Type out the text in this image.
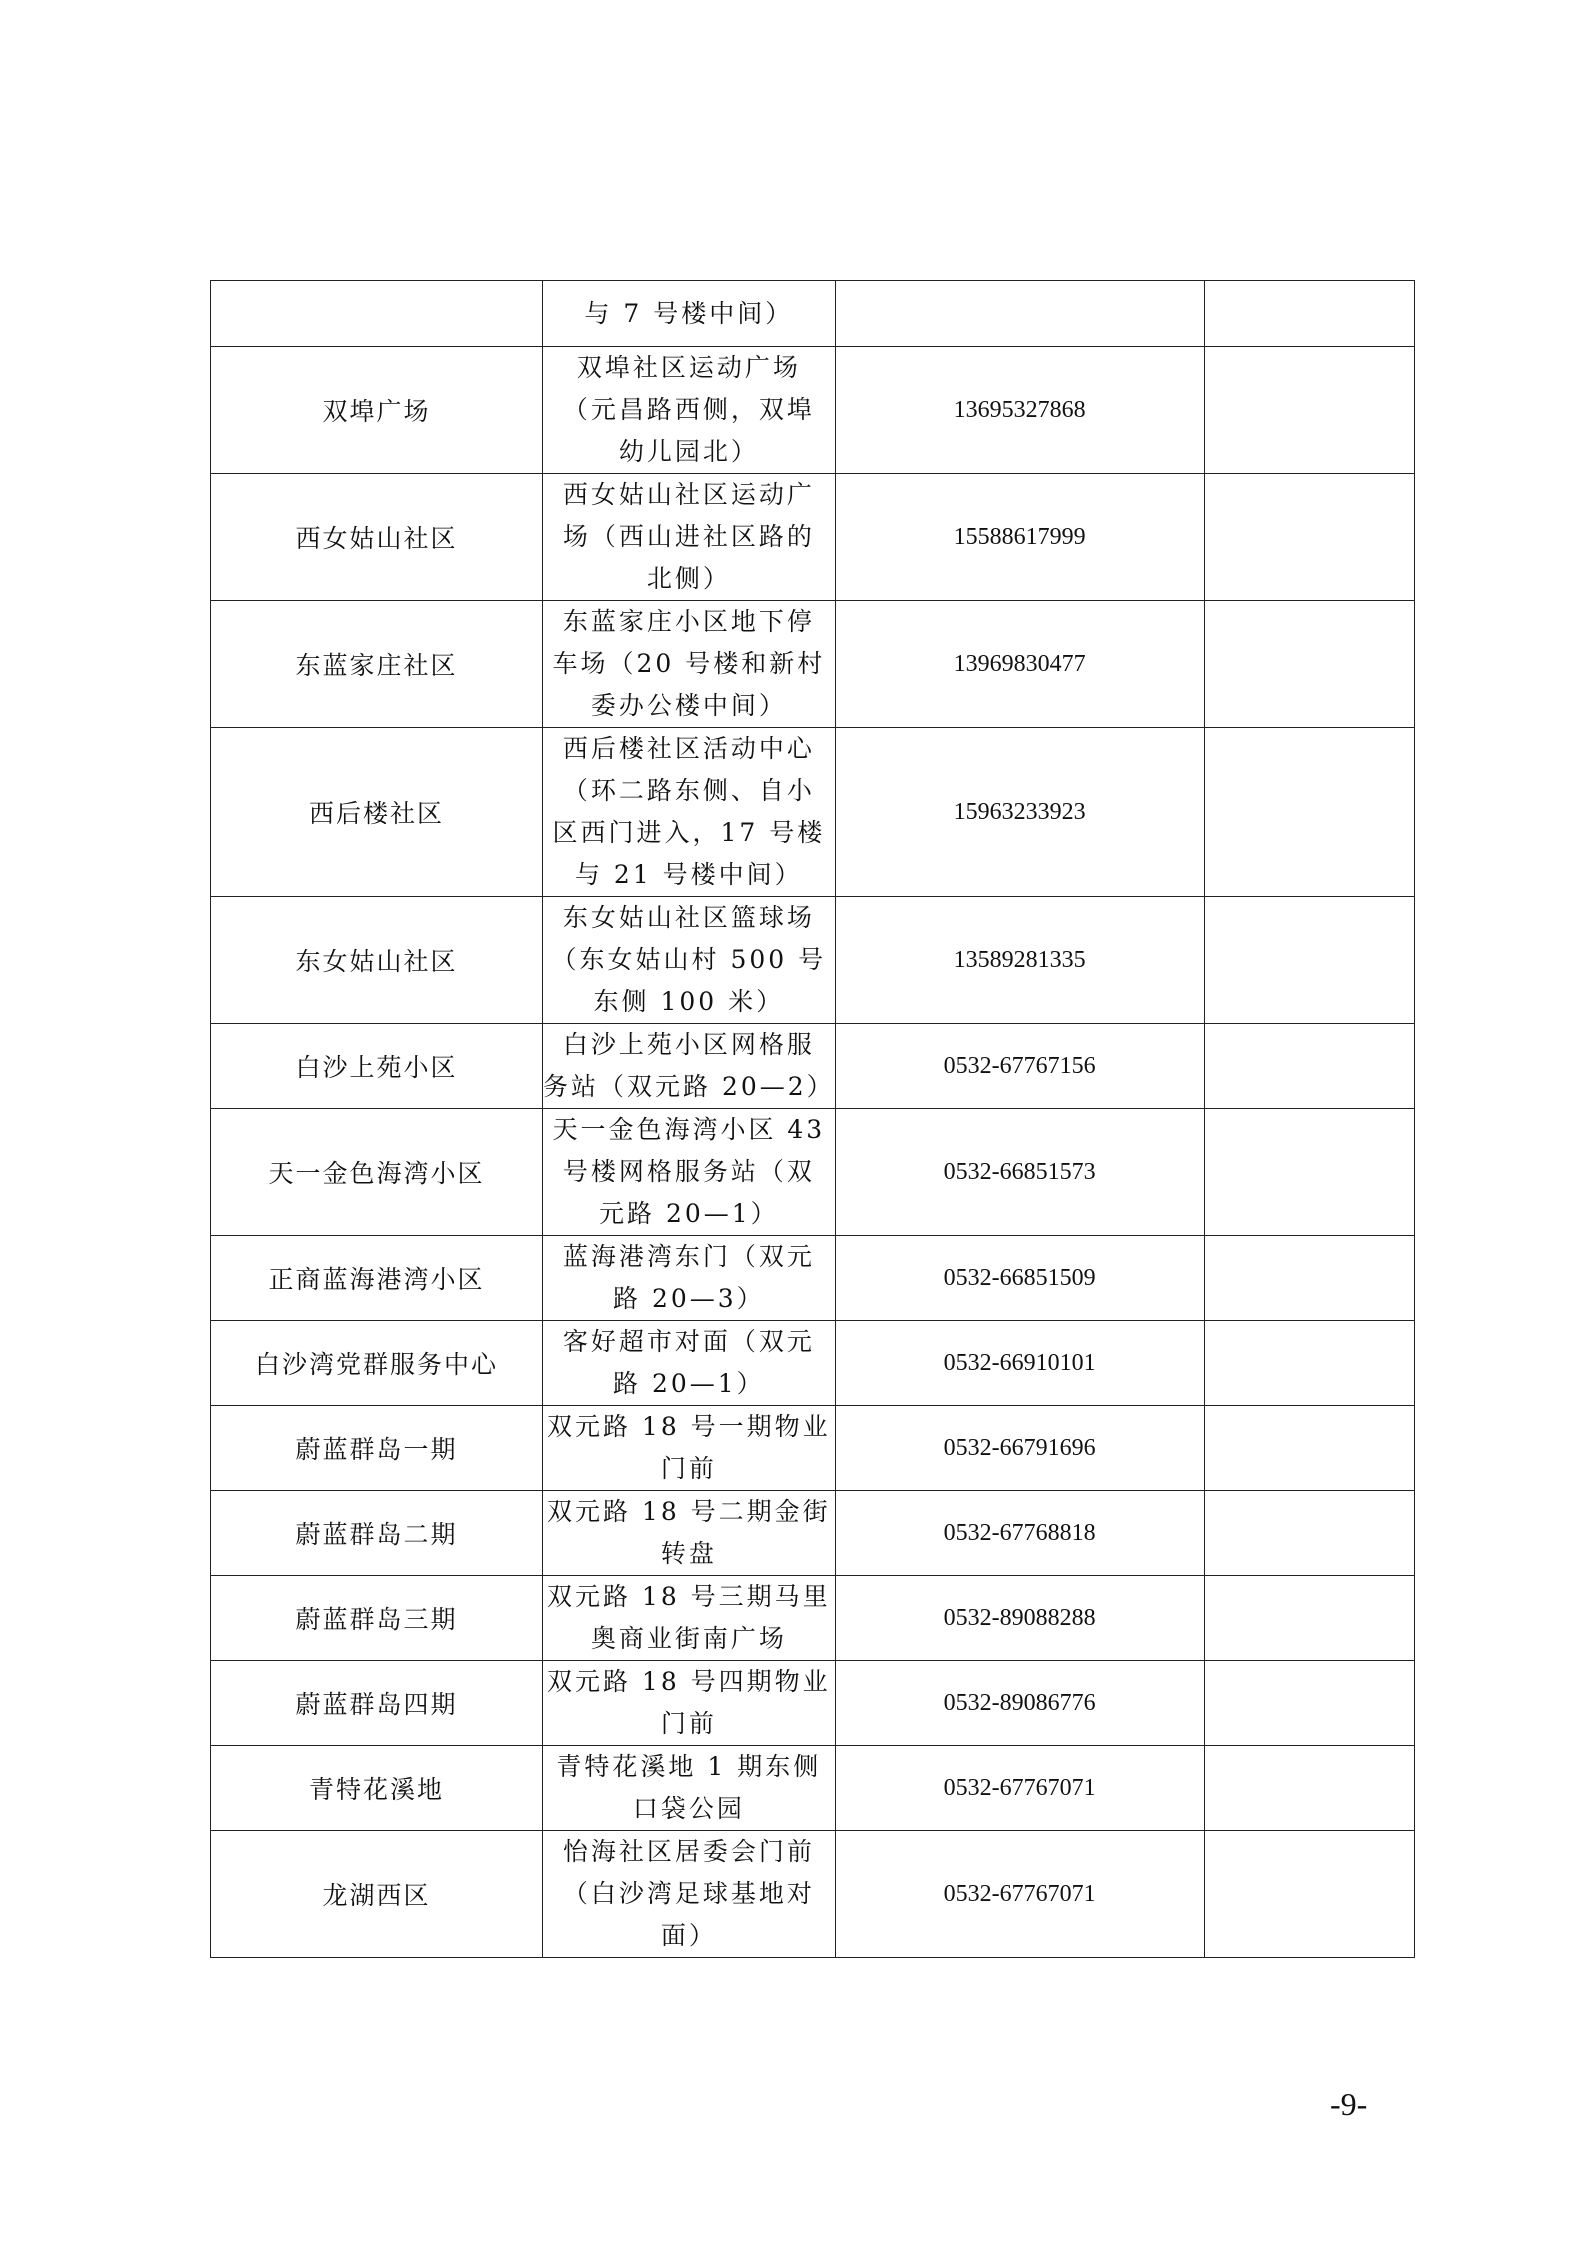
	与 7 号楼中间）		

双埠广场	双埠社区运动广场
（元昌路西侧，双埠
幼儿园北）	13695327868	
西女姑山社区	西女姑山社区运动广
场（西山进社区路的
北侧）	15588617999	
东蓝家庄社区	东蓝家庄小区地下停
车场（20 号楼和新村
委办公楼中间）	13969830477	
西后楼社区	西后楼社区活动中心
（环二路东侧、自小
区西门进入，17 号楼
与 21 号楼中间）	15963233923	
东女姑山社区	东女姑山社区篮球场
（东女姑山村 500 号
东侧 100 米）	13589281335	
白沙上苑小区	白沙上苑小区网格服
务站（双元路 20—2）	0532-67767156	
天一金色海湾小区	天一金色海湾小区 43
号楼网格服务站（双
元路 20—1）	0532-66851573	
正商蓝海港湾小区	蓝海港湾东门（双元
路 20—3）	0532-66851509	
白沙湾党群服务中心	客好超市对面（双元
路 20—1）	0532-66910101	
蔚蓝群岛一期	双元路 18 号一期物业
门前	0532-66791696	
蔚蓝群岛二期	双元路 18 号二期金街
转盘	0532-67768818	
蔚蓝群岛三期	双元路 18 号三期马里
奥商业街南广场	0532-89088288	
蔚蓝群岛四期	双元路 18 号四期物业
门前	0532-89086776	
青特花溪地	青特花溪地 1 期东侧
口袋公园	0532-67767071	
龙湖西区	怡海社区居委会门前
（白沙湾足球基地对
面）	0532-67767071	
-9-
